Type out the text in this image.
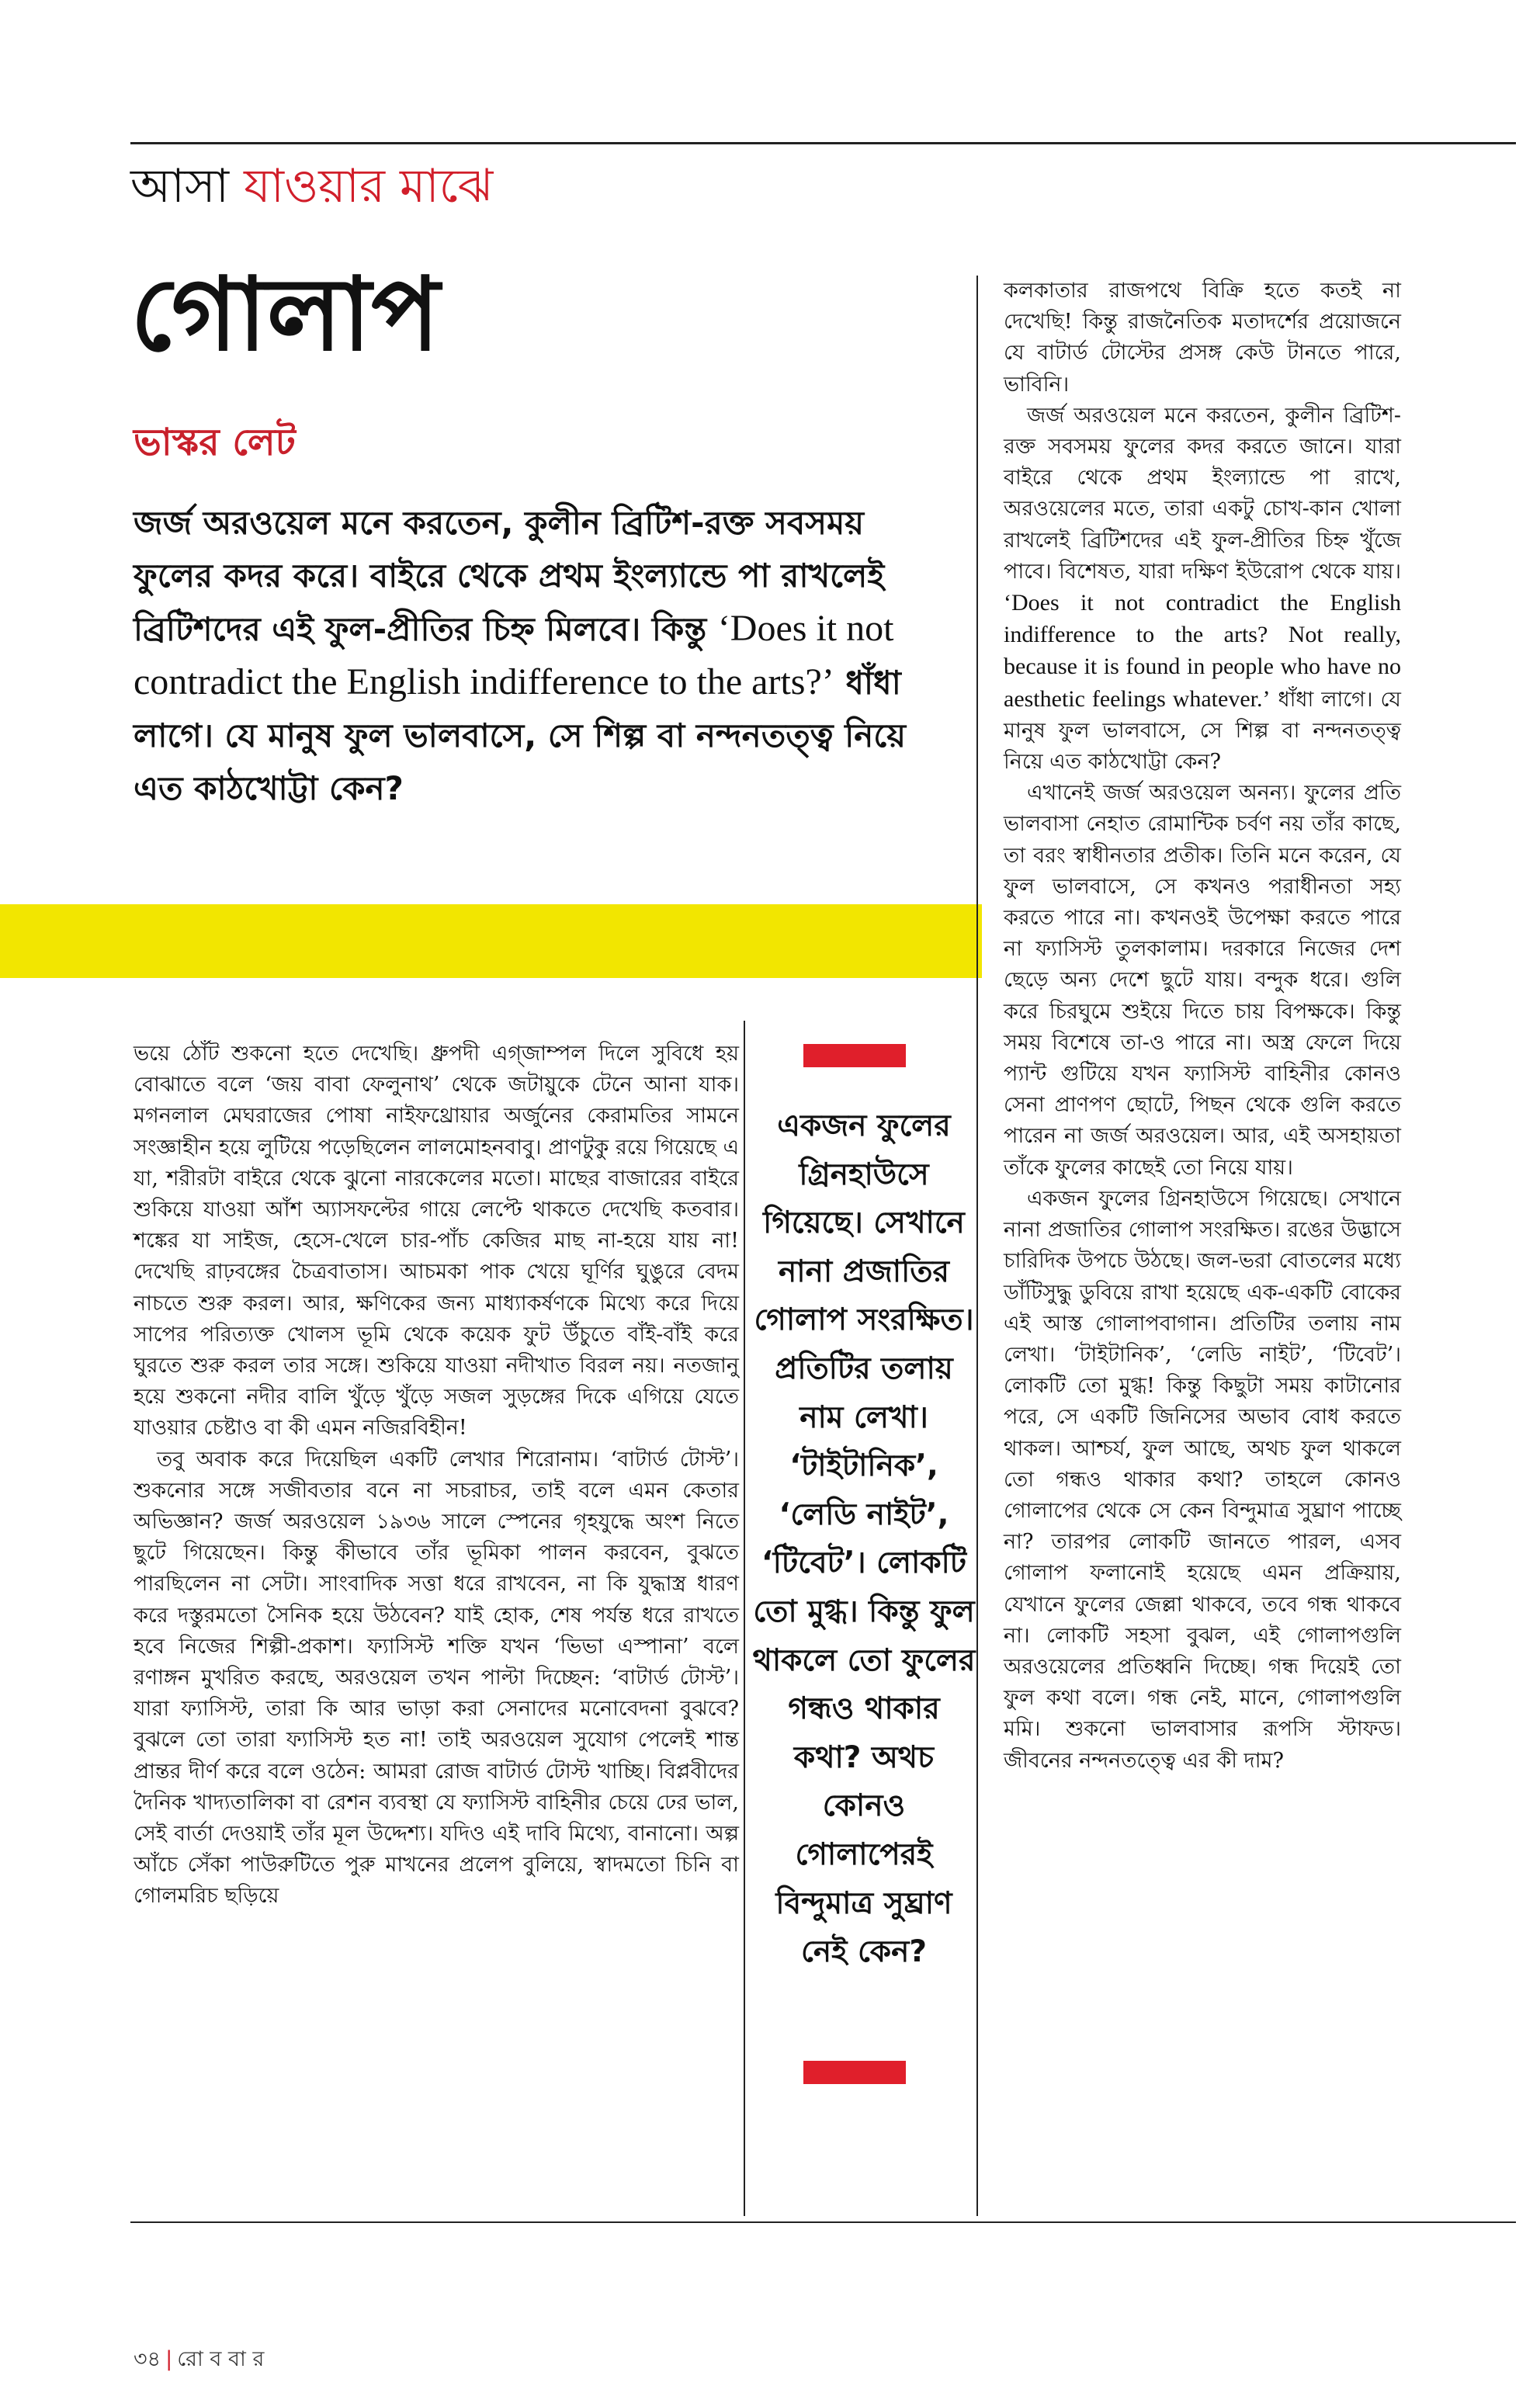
আসা যাওয়ার মাঝে
গোলাপ
ভাস্কর লেট
জর্জ অরওয়েল মনে করতেন, কুলীন ব্রিটিশ-রক্ত সবসময় ফুলের কদর করে। বাইরে থেকে প্রথম ইংল্যান্ডে পা রাখলেই ব্রিটিশদের এই ফুল-প্রীতির চিহ্ন মিলবে। কিন্তু ‘Does it not contradict the English indifference to the arts?’ ধাঁধা লাগে। যে মানুষ ফুল ভালবাসে, সে শিল্প বা নন্দনতত্ত্ব নিয়ে এত কাঠখোট্টা কেন?

ভয়ে ঠোঁট শুকনো হতে দেখেছি। ধ্রুপদী এগ্‌জাম্পল দিলে সুবিধে হয় বোঝাতে বলে ‘জয় বাবা ফেলুনাথ’ থেকে জটায়ুকে টেনে আনা যাক। মগনলাল মেঘরাজের পোষা নাইফথ্রোয়ার অর্জুনের কেরামতির সামনে সংজ্ঞাহীন হয়ে লুটিয়ে পড়েছিলেন লালমোহনবাবু। প্রাণটুকু রয়ে গিয়েছে এ যা, শরীরটা বাইরে থেকে ঝুনো নারকেলের মতো। মাছের বাজারের বাইরে শুকিয়ে যাওয়া আঁশ অ্যাসফল্টের গায়ে লেপ্টে থাকতে দেখেছি কতবার। শঙ্কের যা সাইজ, হেসে-খেলে চার-পাঁচ কেজির মাছ না-হয়ে যায় না! দেখেছি রাঢ়বঙ্গের চৈত্রবাতাস। আচমকা পাক খেয়ে ঘূর্ণির ঘুঙুরে বেদম নাচতে শুরু করল। আর, ক্ষণিকের জন্য মাধ্যাকর্ষণকে মিথ্যে করে দিয়ে সাপের পরিত্যক্ত খোলস ভূমি থেকে কয়েক ফুট উঁচুতে বাঁই-বাঁই করে ঘুরতে শুরু করল তার সঙ্গে। শুকিয়ে যাওয়া নদীখাত বিরল নয়। নতজানু হয়ে শুকনো নদীর বালি খুঁড়ে খুঁড়ে সজল সুড়ঙ্গের দিকে এগিয়ে যেতে যাওয়ার চেষ্টাও বা কী এমন নজিরবিহীন!

তবু অবাক করে দিয়েছিল একটি লেখার শিরোনাম। ‘বাটার্ড টোস্ট’। শুকনোর সঙ্গে সজীবতার বনে না সচরাচর, তাই বলে এমন কেতার অভিজ্ঞান? জর্জ অরওয়েল ১৯৩৬ সালে স্পেনের গৃহযুদ্ধে অংশ নিতে ছুটে গিয়েছেন। কিন্তু কীভাবে তাঁর ভূমিকা পালন করবেন, বুঝতে পারছিলেন না সেটা। সাংবাদিক সত্তা ধরে রাখবেন, না কি যুদ্ধাস্ত্র ধারণ করে দস্তুরমতো সৈনিক হয়ে উঠবেন? যাই হোক, শেষ পর্যন্ত ধরে রাখতে হবে নিজের শিল্পী-প্রকাশ। ফ্যাসিস্ট শক্তি যখন ‘ভিভা এস্পানা’ বলে রণাঙ্গন মুখরিত করছে, অরওয়েল তখন পাল্টা দিচ্ছেন: ‘বাটার্ড টোস্ট’। যারা ফ্যাসিস্ট, তারা কি আর ভাড়া করা সেনাদের মনোবেদনা বুঝবে? বুঝলে তো তারা ফ্যাসিস্ট হত না! তাই অরওয়েল সুযোগ পেলেই শান্ত প্রান্তর দীর্ণ করে বলে ওঠেন: আমরা রোজ বাটার্ড টোস্ট খাচ্ছি। বিপ্লবীদের দৈনিক খাদ্যতালিকা বা রেশন ব্যবস্থা যে ফ্যাসিস্ট বাহিনীর চেয়ে ঢের ভাল, সেই বার্তা দেওয়াই তাঁর মূল উদ্দেশ্য। যদিও এই দাবি মিথ্যে, বানানো। অল্প আঁচে সেঁকা পাউরুটিতে পুরু মাখনের প্রলেপ বুলিয়ে, স্বাদমতো চিনি বা গোলমরিচ ছড়িয়ে

একজন ফুলের গ্রিনহাউসে গিয়েছে। সেখানে নানা প্রজাতির গোলাপ সংরক্ষিত। প্রতিটির তলায় নাম লেখা। ‘টাইটানিক’, ‘লেডি নাইট’, ‘টিবেট’। লোকটি তো মুগ্ধ। কিন্তু ফুল থাকলে তো ফুলের গন্ধও থাকার কথা? অথচ কোনও গোলাপেরই বিন্দুমাত্র সুঘ্রাণ নেই কেন?

কলকাতার রাজপথে বিক্রি হতে কতই না দেখেছি! কিন্তু রাজনৈতিক মতাদর্শের প্রয়োজনে যে বাটার্ড টোস্টের প্রসঙ্গ কেউ টানতে পারে, ভাবিনি।

জর্জ অরওয়েল মনে করতেন, কুলীন ব্রিটিশ-রক্ত সবসময় ফুলের কদর করতে জানে। যারা বাইরে থেকে প্রথম ইংল্যান্ডে পা রাখে, অরওয়েলের মতে, তারা একটু চোখ-কান খোলা রাখলেই ব্রিটিশদের এই ফুল-প্রীতির চিহ্ন খুঁজে পাবে। বিশেষত, যারা দক্ষিণ ইউরোপ থেকে যায়। ‘Does it not contradict the English indifference to the arts? Not really, because it is found in people who have no aesthetic feelings whatever.’ ধাঁধা লাগে। যে মানুষ ফুল ভালবাসে, সে শিল্প বা নন্দনতত্ত্ব নিয়ে এত কাঠখোট্টা কেন?

এখানেই জর্জ অরওয়েল অনন্য। ফুলের প্রতি ভালবাসা নেহাত রোমান্টিক চর্বণ নয় তাঁর কাছে, তা বরং স্বাধীনতার প্রতীক। তিনি মনে করেন, যে ফুল ভালবাসে, সে কখনও পরাধীনতা সহ্য করতে পারে না। কখনওই উপেক্ষা করতে পারে না ফ্যাসিস্ট তুলকালাম। দরকারে নিজের দেশ ছেড়ে অন্য দেশে ছুটে যায়। বন্দুক ধরে। গুলি করে চিরঘুমে শুইয়ে দিতে চায় বিপক্ষকে। কিন্তু সময় বিশেষে তা-ও পারে না। অস্ত্র ফেলে দিয়ে প্যান্ট গুটিয়ে যখন ফ্যাসিস্ট বাহিনীর কোনও সেনা প্রাণপণ ছোটে, পিছন থেকে গুলি করতে পারেন না জর্জ অরওয়েল। আর, এই অসহায়তা তাঁকে ফুলের কাছেই তো নিয়ে যায়।

একজন ফুলের গ্রিনহাউসে গিয়েছে। সেখানে নানা প্রজাতির গোলাপ সংরক্ষিত। রঙের উদ্ভাসে চারিদিক উপচে উঠছে। জল-ভরা বোতলের মধ্যে ডাঁটিসুদ্ধু ডুবিয়ে রাখা হয়েছে এক-একটি বোকের এই আস্ত গোলাপবাগান। প্রতিটির তলায় নাম লেখা। ‘টাইটানিক’, ‘লেডি নাইট’, ‘টিবেট’। লোকটি তো মুগ্ধ! কিন্তু কিছুটা সময় কাটানোর পরে, সে একটি জিনিসের অভাব বোধ করতে থাকল। আশ্চর্য, ফুল আছে, অথচ ফুল থাকলে তো গন্ধও থাকার কথা? তাহলে কোনও গোলাপের থেকে সে কেন বিন্দুমাত্র সুঘ্রাণ পাচ্ছে না? তারপর লোকটি জানতে পারল, এসব গোলাপ ফলানোই হয়েছে এমন প্রক্রিয়ায়, যেখানে ফুলের জেল্লা থাকবে, তবে গন্ধ থাকবে না। লোকটি সহসা বুঝল, এই গোলাপগুলি অরওয়েলের প্রতিধ্বনি দিচ্ছে। গন্ধ দিয়েই তো ফুল কথা বলে। গন্ধ নেই, মানে, গোলাপগুলি মমি। শুকনো ভালবাসার রূপসি স্টাফড। জীবনের নন্দনতত্ত্বে এর কী দাম?

৩৪ | রো ব বা র
